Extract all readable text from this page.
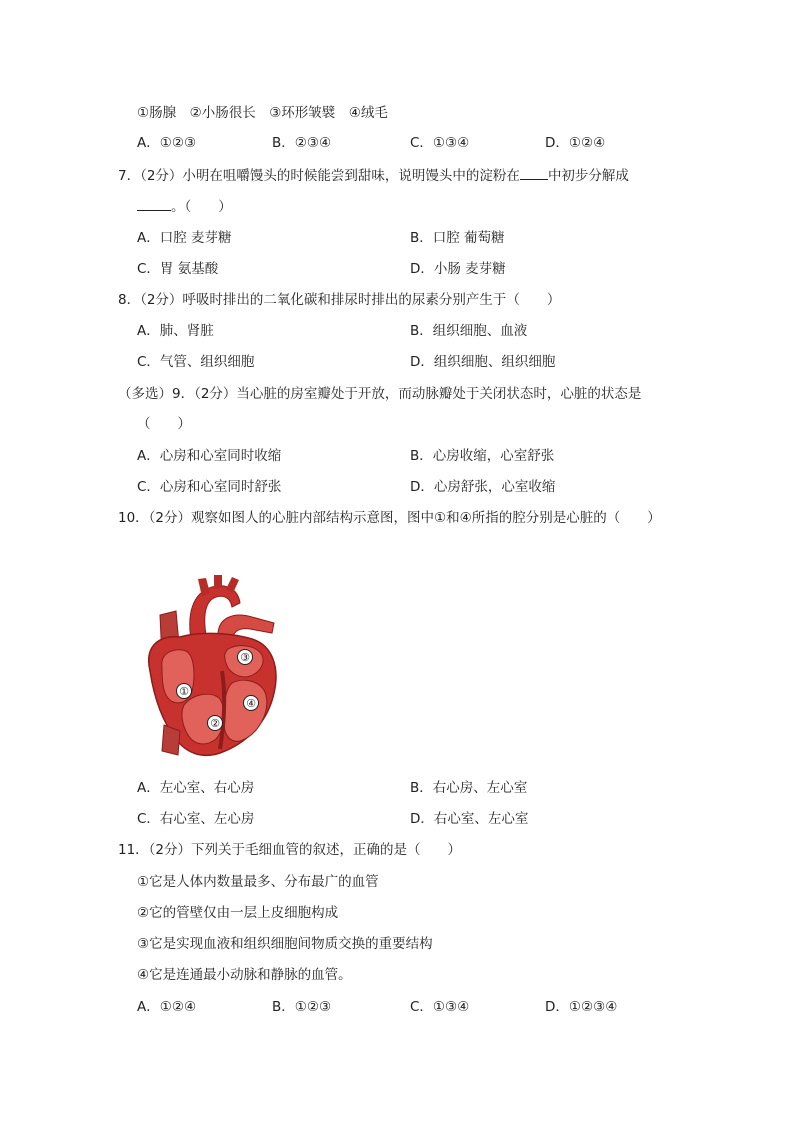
①肠腺　②小肠很长　③环形皱襞　④绒毛
A．①②③	B．②③④	C．①③④	D．①②④
7．（2分）小明在咀嚼馒头的时候能尝到甜味，说明馒头中的淀粉在 中初步分解成
。（　　）
A．口腔 麦芽糖	B．口腔 葡萄糖
C．胃 氨基酸	D．小肠 麦芽糖
8．（2分）呼吸时排出的二氧化碳和排尿时排出的尿素分别产生于（　　）
A．肺、肾脏	B．组织细胞、血液
C．气管、组织细胞	D．组织细胞、组织细胞
（多选）9．（2分）当心脏的房室瓣处于开放，而动脉瓣处于关闭状态时，心脏的状态是
（　　）
A．心房和心室同时收缩	B．心房收缩，心室舒张
C．心房和心室同时舒张	D．心房舒张，心室收缩
10．（2分）观察如图人的心脏内部结构示意图，图中①和④所指的腔分别是心脏的（　　）
①
②
③
④
A．左心室、右心房	B．右心房、左心室
C．右心室、左心房	D．右心室、左心室
11．（2分）下列关于毛细血管的叙述，正确的是（　　）
①它是人体内数量最多、分布最广的血管
②它的管壁仅由一层上皮细胞构成
③它是实现血液和组织细胞间物质交换的重要结构
④它是连通最小动脉和静脉的血管。
A．①②④	B．①②③	C．①③④	D．①②③④
